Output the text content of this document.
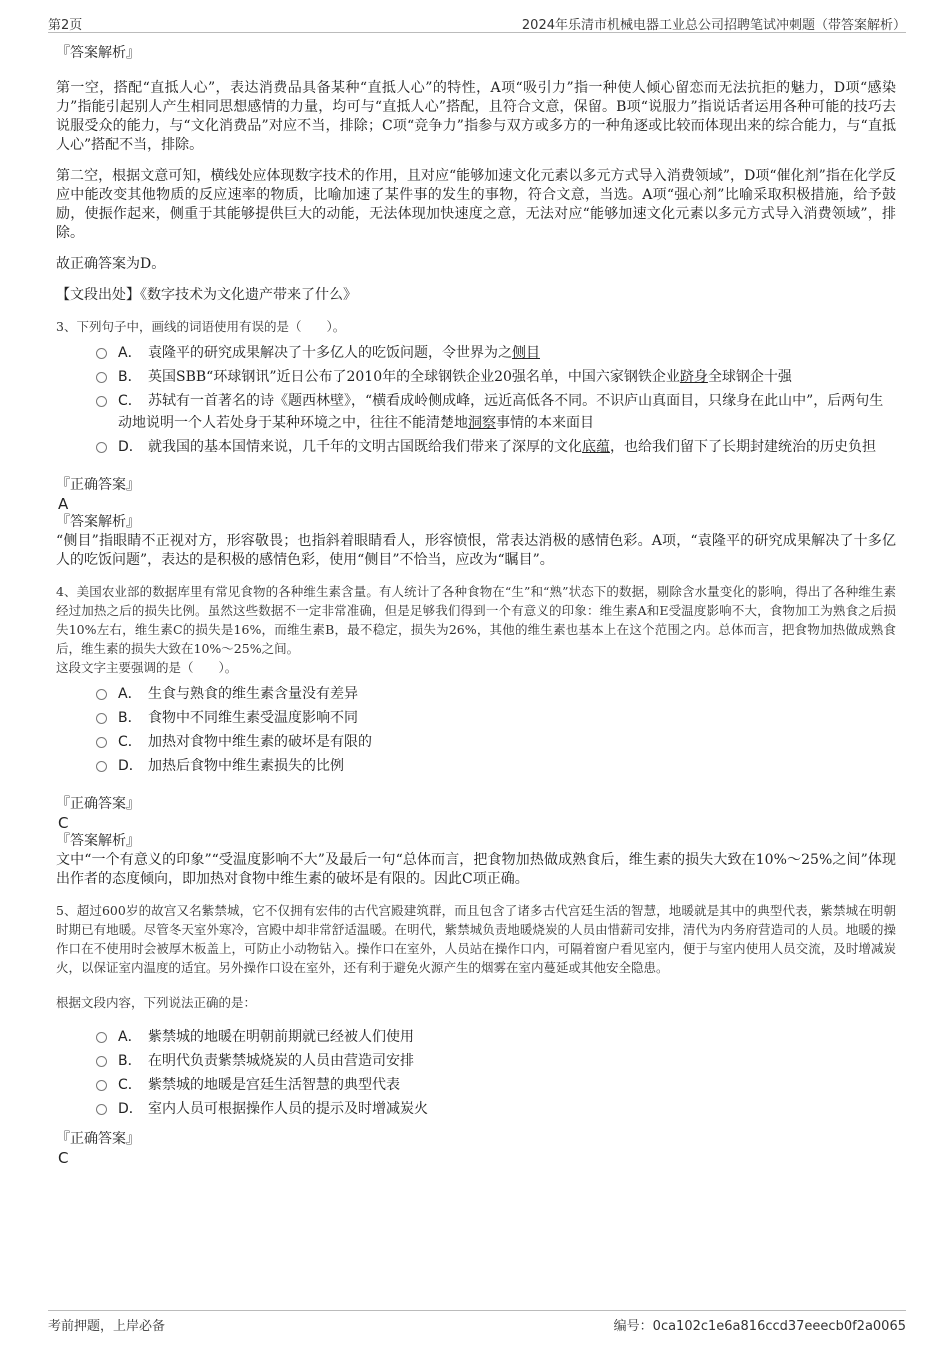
第2页	2024年乐清市机械电器工业总公司招聘笔试冲刺题（带答案解析）

『答案解析』

第一空，搭配“直抵人心”，表达消费品具备某种“直抵人心”的特性，A项“吸引力”指一种使人倾心留恋而无法抗拒的魅力，D项“感染力”指能引起别人产生相同思想感情的力量，均可与“直抵人心”搭配，且符合文意，保留。B项“说服力”指说话者运用各种可能的技巧去说服受众的能力，与“文化消费品”对应不当，排除；C项“竞争力”指参与双方或多方的一种角逐或比较而体现出来的综合能力，与“直抵人心”搭配不当，排除。

第二空，根据文意可知，横线处应体现数字技术的作用，且对应“能够加速文化元素以多元方式导入消费领域”，D项“催化剂”指在化学反应中能改变其他物质的反应速率的物质，比喻加速了某件事的发生的事物，符合文意，当选。A项“强心剂”比喻采取积极措施，给予鼓励，使振作起来，侧重于其能够提供巨大的动能，无法体现加快速度之意，无法对应“能够加速文化元素以多元方式导入消费领域”，排除。

故正确答案为D。

【文段出处】《数字技术为文化遗产带来了什么》

3、下列句子中，画线的词语使用有误的是（　　）。

A． 袁隆平的研究成果解决了十多亿人的吃饭问题，令世界为之侧目
B． 英国SBB“环球钢讯”近日公布了2010年的全球钢铁企业20强名单，中国六家钢铁企业跻身全球钢企十强
C． 苏轼有一首著名的诗《题西林壁》，“横看成岭侧成峰，远近高低各不同。不识庐山真面目，只缘身在此山中”，后两句生动地说明一个人若处身于某种环境之中，往往不能清楚地洞察事情的本来面目
D． 就我国的基本国情来说，几千年的文明古国既给我们带来了深厚的文化底蕴，也给我们留下了长期封建统治的历史负担

『正确答案』

A

『答案解析』

“侧目”指眼睛不正视对方，形容敬畏；也指斜着眼睛看人，形容愤恨，常表达消极的感情色彩。A项，“袁隆平的研究成果解决了十多亿人的吃饭问题”，表达的是积极的感情色彩，使用“侧目”不恰当，应改为“瞩目”。

4、美国农业部的数据库里有常见食物的各种维生素含量。有人统计了各种食物在“生”和“熟”状态下的数据，剔除含水量变化的影响，得出了各种维生素经过加热之后的损失比例。虽然这些数据不一定非常准确，但是足够我们得到一个有意义的印象：维生素A和E受温度影响不大，食物加工为熟食之后损失10%左右，维生素C的损失是16%，而维生素B，最不稳定，损失为26%，其他的维生素也基本上在这个范围之内。总体而言，把食物加热做成熟食后，维生素的损失大致在10%～25%之间。

这段文字主要强调的是（　　）。

A． 生食与熟食的维生素含量没有差异
B． 食物中不同维生素受温度影响不同
C． 加热对食物中维生素的破坏是有限的
D． 加热后食物中维生素损失的比例

『正确答案』

C

『答案解析』

文中“一个有意义的印象”“受温度影响不大”及最后一句“总体而言，把食物加热做成熟食后，维生素的损失大致在10%～25%之间”体现出作者的态度倾向，即加热对食物中维生素的破坏是有限的。因此C项正确。

5、超过600岁的故宫又名紫禁城，它不仅拥有宏伟的古代宫殿建筑群，而且包含了诸多古代宫廷生活的智慧，地暖就是其中的典型代表，紫禁城在明朝时期已有地暖。尽管冬天室外寒冷，宫殿中却非常舒适温暖。在明代，紫禁城负责地暖烧炭的人员由惜薪司安排，清代为内务府营造司的人员。地暖的操作口在不使用时会被厚木板盖上，可防止小动物钻入。操作口在室外，人员站在操作口内，可隔着窗户看见室内，便于与室内使用人员交流，及时增减炭火，以保证室内温度的适宜。另外操作口设在室外，还有利于避免火源产生的烟雾在室内蔓延或其他安全隐患。

根据文段内容，下列说法正确的是：

A． 紫禁城的地暖在明朝前期就已经被人们使用
B． 在明代负责紫禁城烧炭的人员由营造司安排
C． 紫禁城的地暖是宫廷生活智慧的典型代表
D． 室内人员可根据操作人员的提示及时增减炭火

『正确答案』

C

考前押题，上岸必备	编号：0ca102c1e6a816ccd37eeecb0f2a0065
